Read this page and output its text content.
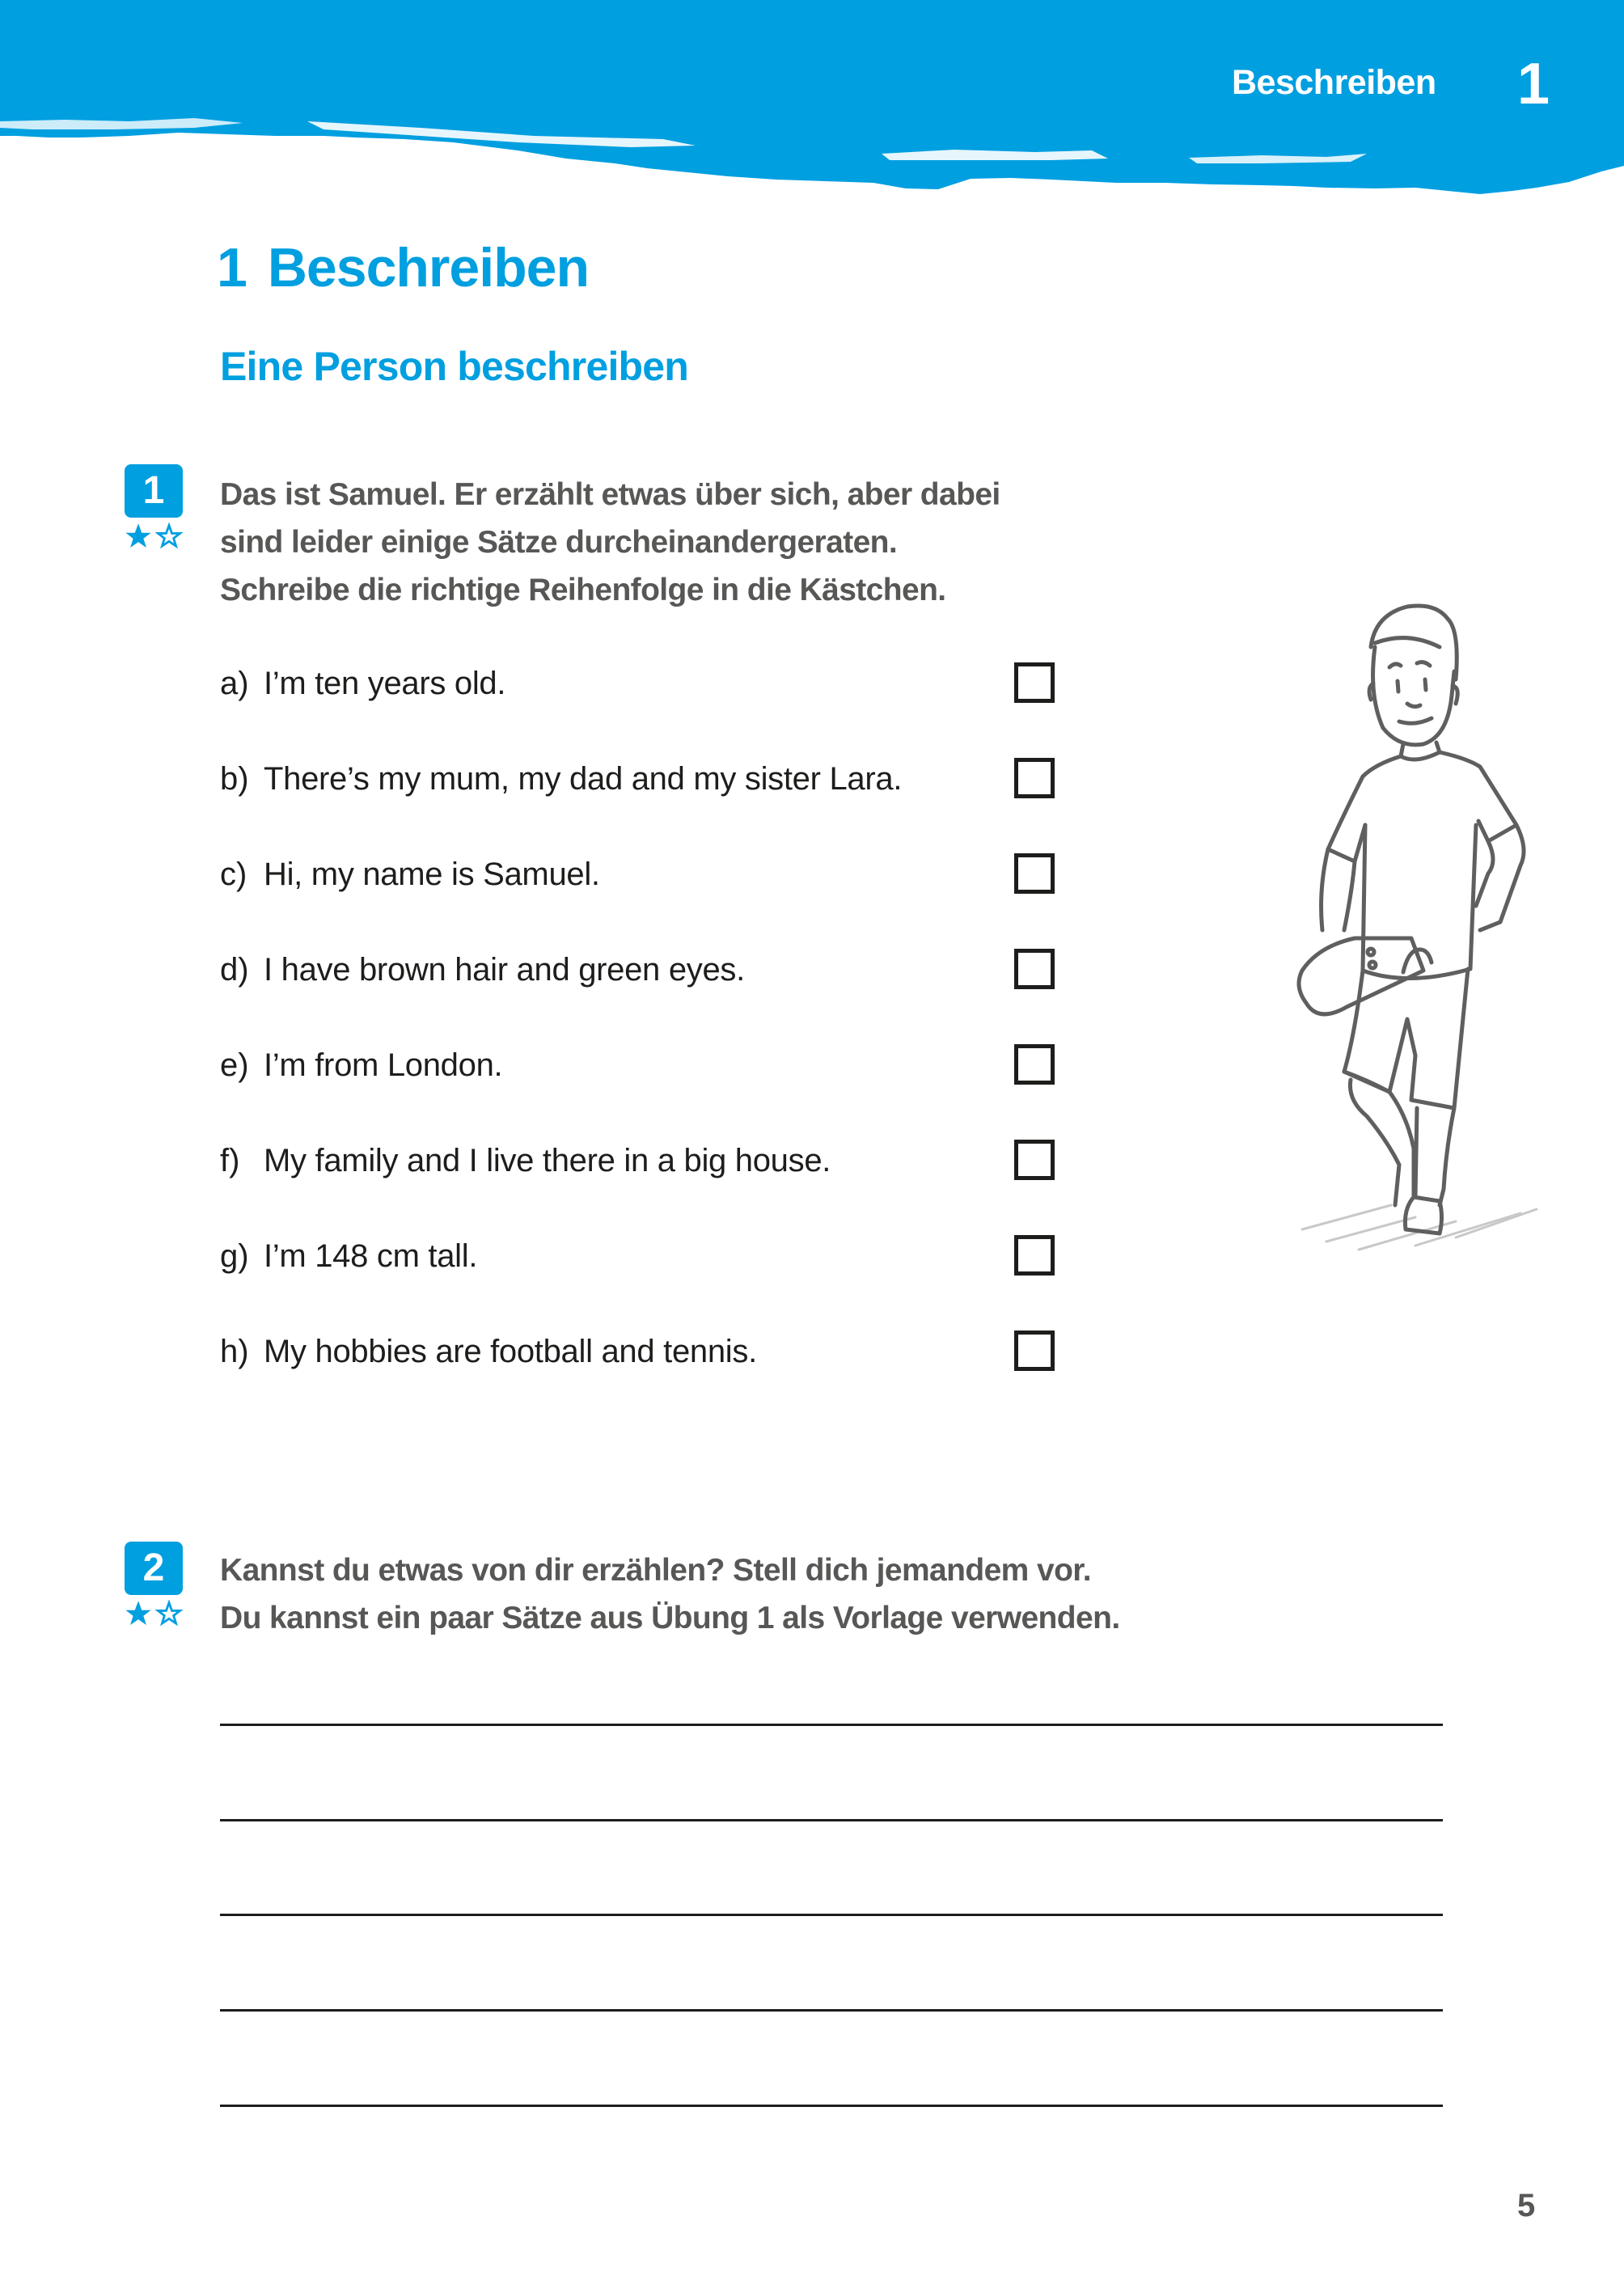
Beschreiben 1
1 Beschreiben
Eine Person beschreiben
1	Das ist Samuel. Er erzählt etwas über sich, aber dabei
sind leider einige Sätze durcheinandergeraten.
Schreibe die richtige Reihenfolge in die Kästchen.
a) I’m ten years old.
b) There’s my mum, my dad and my sister Lara.
c) Hi, my name is Samuel.
d) I have brown hair and green eyes.
e) I’m from London.
f) My family and I live there in a big house.
g) I’m 148 cm tall.
h) My hobbies are football and tennis.
2	Kannst du etwas von dir erzählen? Stell dich jemandem vor.
Du kannst ein paar Sätze aus Übung 1 als Vorlage verwenden.
5
